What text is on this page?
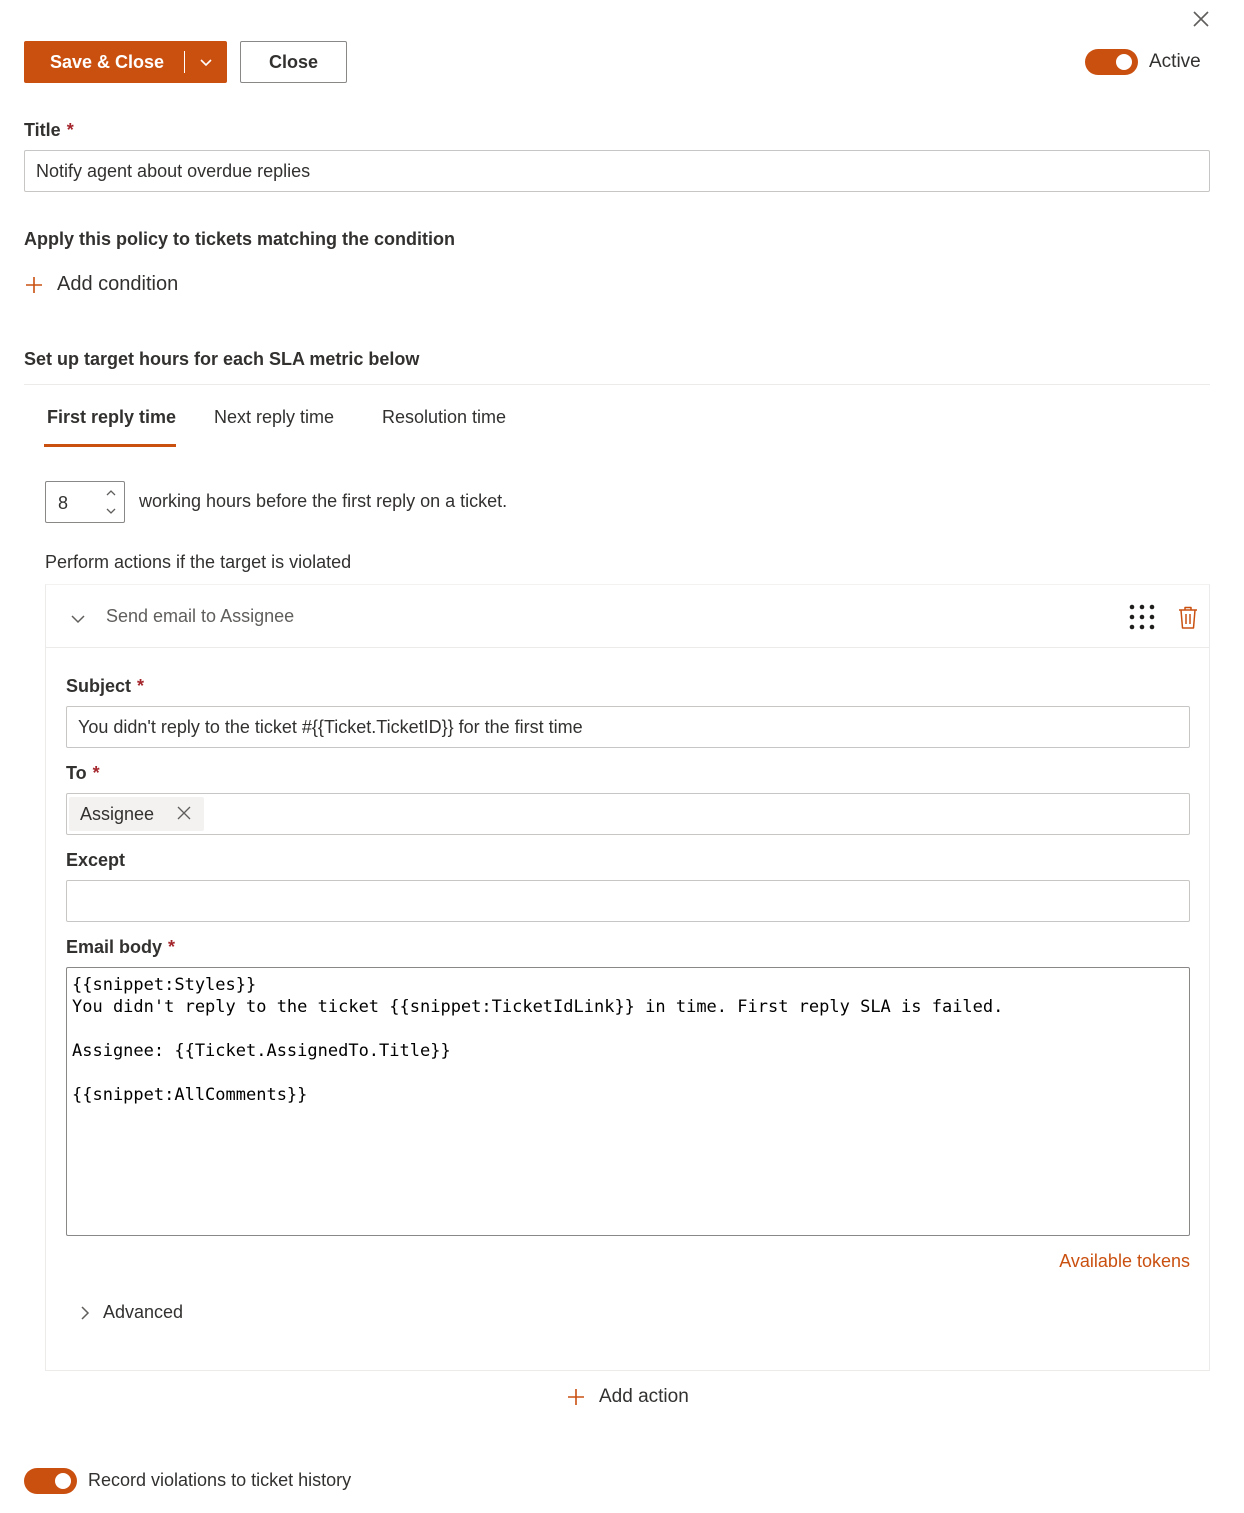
Save & Close	Close	Active
Title *
Notify agent about overdue replies
Apply this policy to tickets matching the condition
Add condition
Set up target hours for each SLA metric below
First reply time Next reply time	Resolution time
8	working hours before the first reply on a ticket.
Perform actions if the target is violated
Send email to Assignee
Subject *
You didn't reply to the ticket #{{Ticket.TicketID}} for the first time
To *
Assignee
Except
Email body *
{{snippet:Styles}}
You didn't reply to the ticket {{snippet:TicketIdLink}} in time. First reply SLA is failed.

Assignee: {{Ticket.AssignedTo.Title}}

{{snippet:AllComments}}
Available tokens
Advanced
Add action
Record violations to ticket history
